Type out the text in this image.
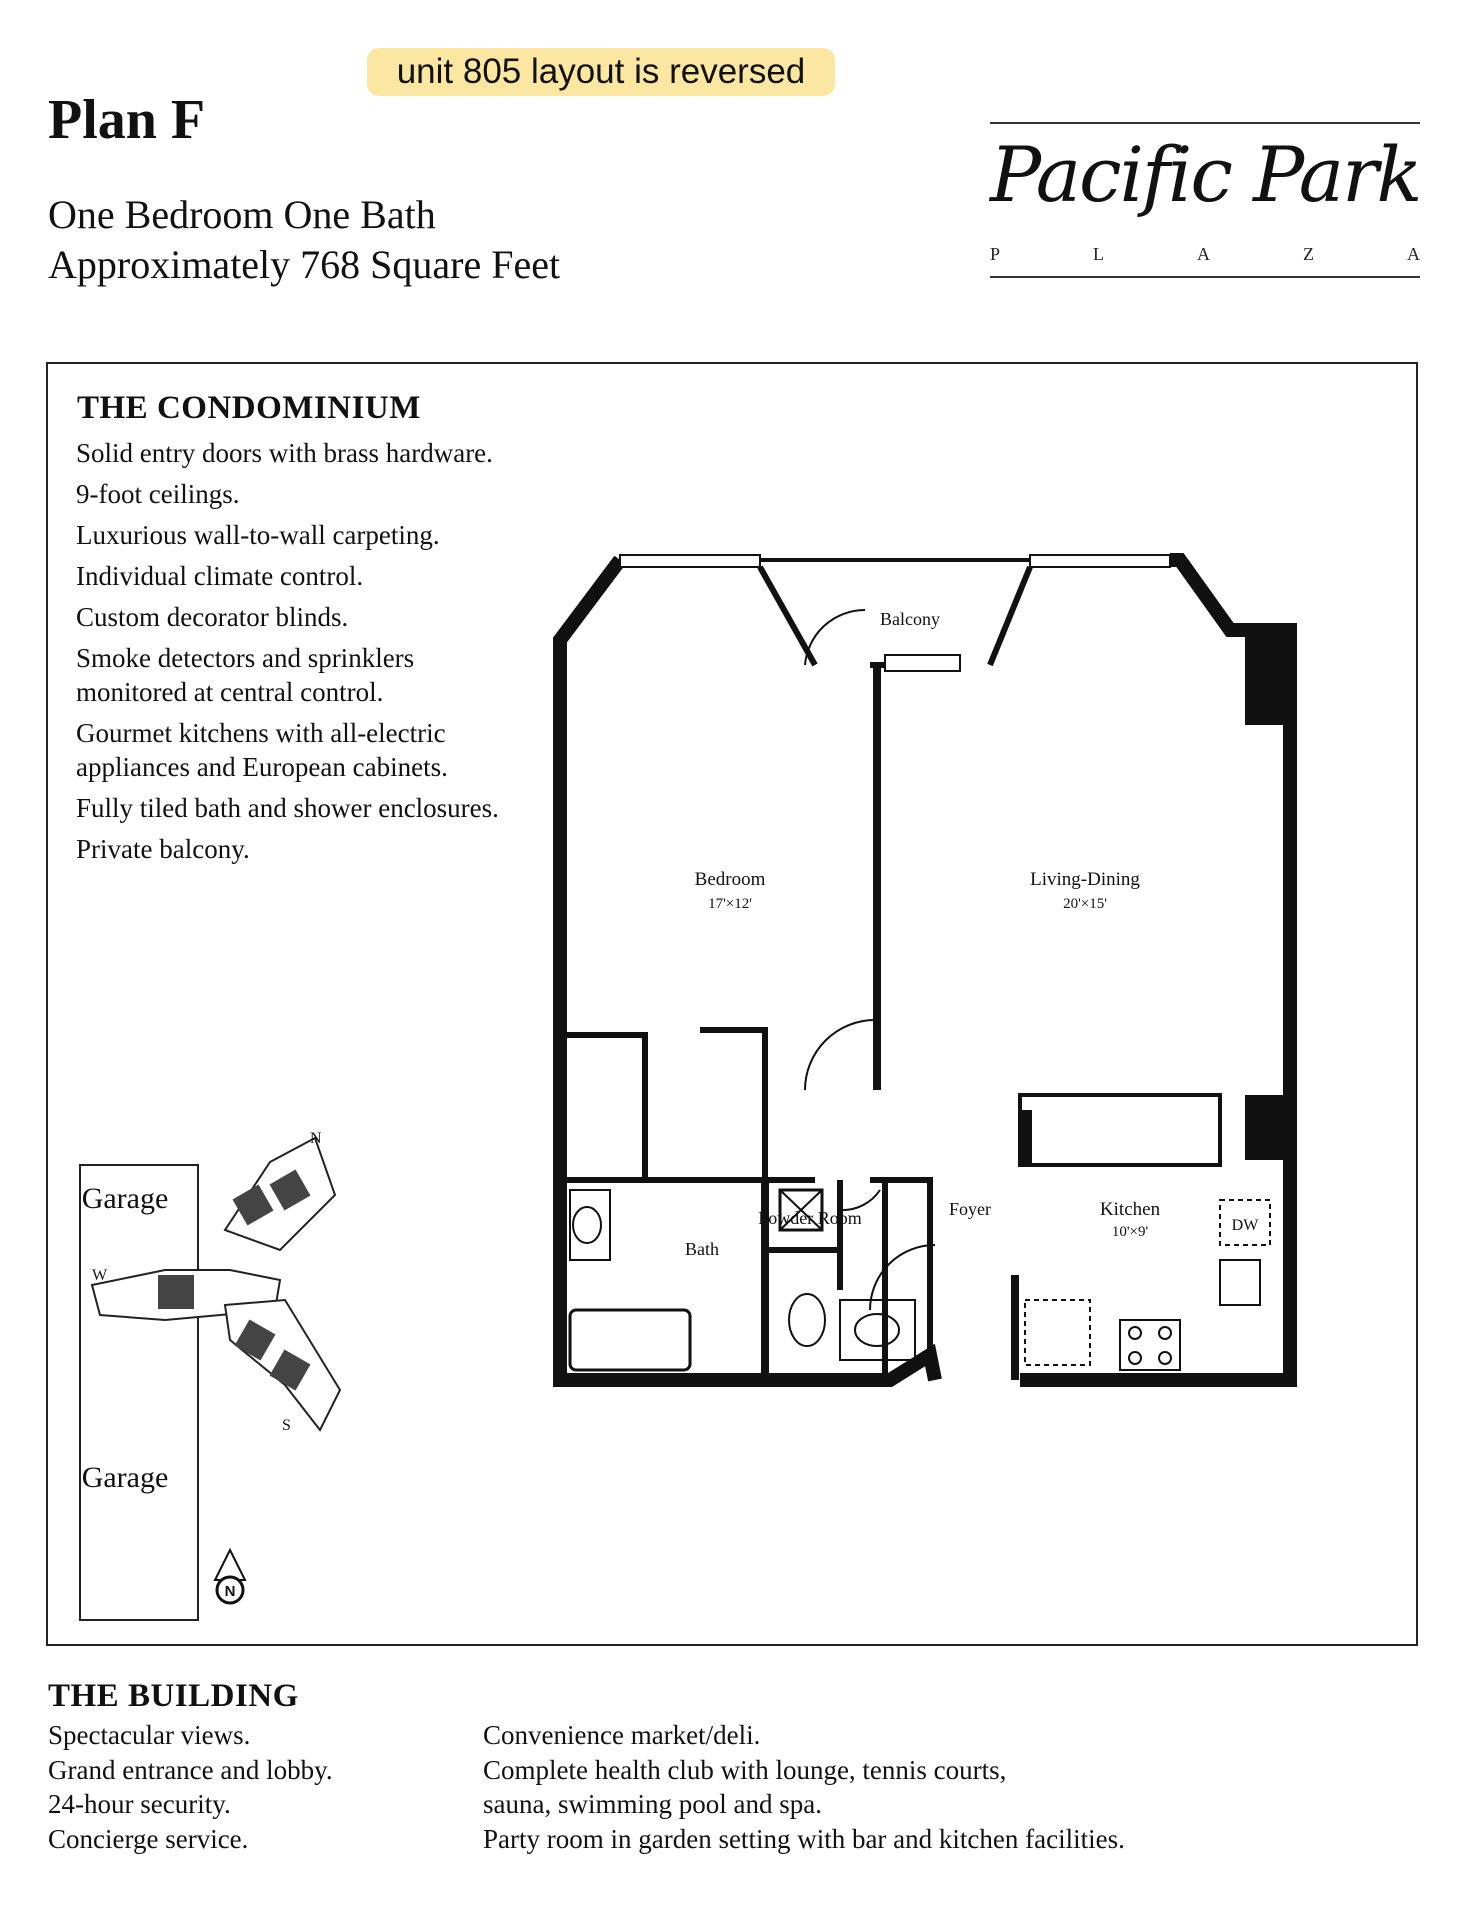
unit 805 layout is reversed
Plan F
One Bedroom One Bath
Approximately 768 Square Feet
Pacific Park
P	L	A	Z	A
THE CONDOMINIUM
Solid entry doors with brass hardware.
9-foot ceilings.
Luxurious wall-to-wall carpeting.
Individual climate control.
Custom decorator blinds.
Smoke detectors and sprinklers monitored at central control.
Gourmet kitchens with all-electric appliances and European cabinets.
Fully tiled bath and shower enclosures.
Private balcony.
Balcony
Bedroom
17'×12'
Living-Dining
20'×15'
Bath
Powder Room	Foyer	Kitchen
10'×9'	DW
Garage
Garage
N
W
S
N
THE BUILDING
Spectacular views.
Grand entrance and lobby.
24-hour security.
Concierge service.
Convenience market/deli.
Complete health club with lounge, tennis courts,
sauna, swimming pool and spa.
Party room in garden setting with bar and kitchen facilities.
